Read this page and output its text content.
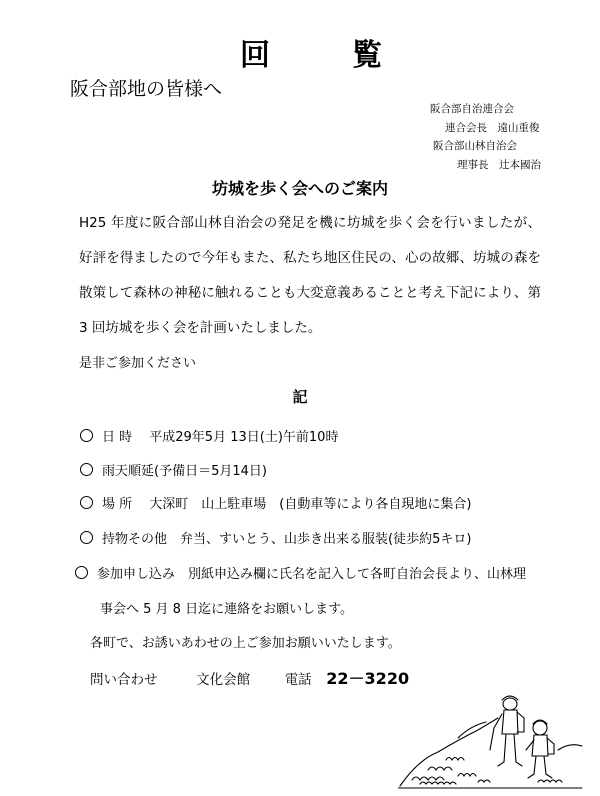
回	覧
阪合部地の皆様へ
阪合部自治連合会
連合会長　遠山重俊
阪合部山林自治会
理事長　辻本國治
坊城を歩く会へのご案内
H25 年度に阪合部山林自治会の発足を機に坊城を歩く会を行いましたが、好評を得ましたので今年もまた、私たち地区住民の、心の故郷、坊城の森を散策して森林の神秘に触れることも大変意義あることと考え下記により、第 3 回坊城を歩く会を計画いたしました。
是非ご参加ください
記
日 時　 平成29年5月 13日(土)午前10時
雨天順延(予備日＝5月14日)
場 所　 大深町　山上駐車場　(自動車等により各自現地に集合)
持物その他　弁当、すいとう、山歩き出来る服装(徒歩約5キロ)
参加申し込み　別紙申込み欄に氏名を記入して各町自治会長より、山林理
事会へ 5 月 8 日迄に連絡をお願いします。
各町で、お誘いあわせの上ご参加お願いいたします。
問い合わせ	文化会館	電話 22－3220
